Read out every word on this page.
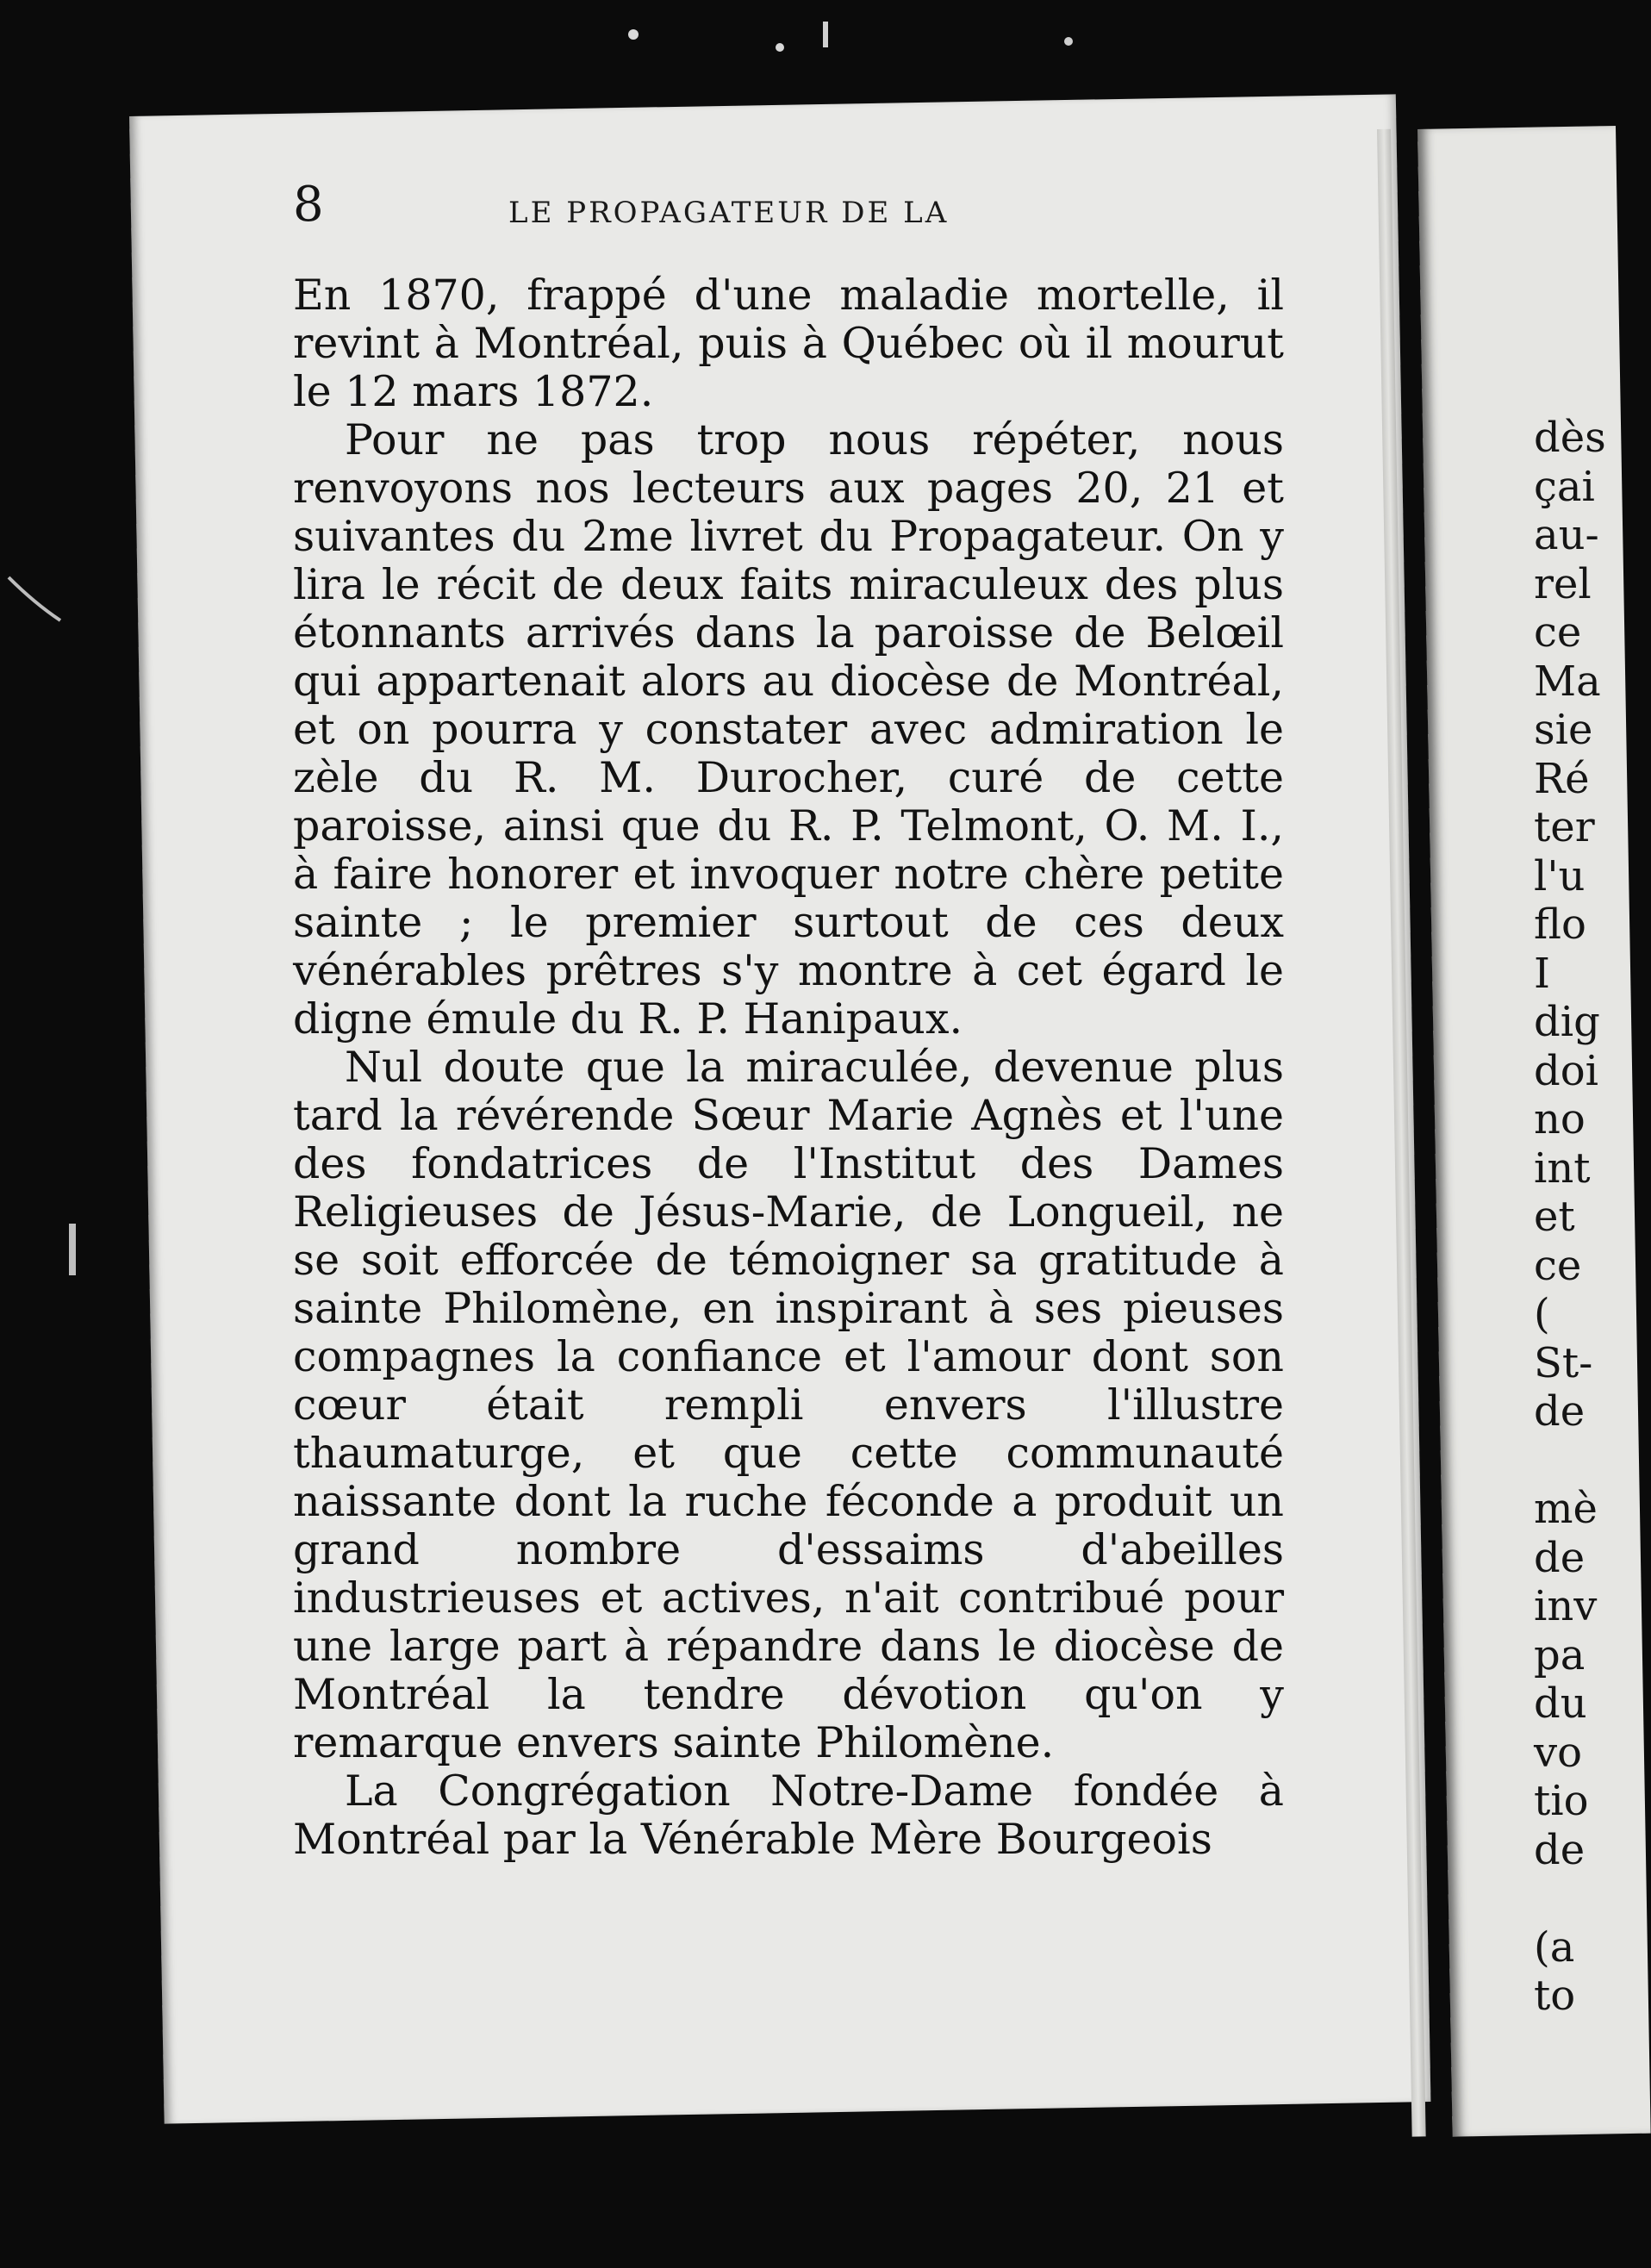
8	LE PROPAGATEUR DE LA

En 1870, frappé d'une maladie mortelle, il revint à Montréal, puis à Québec où il mourut le 12 mars 1872.

Pour ne pas trop nous répéter, nous renvoyons nos lecteurs aux pages 20, 21 et suivantes du 2me livret du Propagateur. On y lira le récit de deux faits miraculeux des plus étonnants arrivés dans la paroisse de Belœil qui appartenait alors au diocèse de Montréal, et on pourra y constater avec admiration le zèle du R. M. Durocher, curé de cette paroisse, ainsi que du R. P. Telmont, O. M. I., à faire honorer et invoquer notre chère petite sainte ; le premier surtout de ces deux vénérables prêtres s'y montre à cet égard le digne émule du R. P. Hanipaux.

Nul doute que la miraculée, devenue plus tard la révérende Sœur Marie Agnès et l'une des fondatrices de l'Institut des Dames Religieuses de Jésus-Marie, de Longueil, ne se soit efforcée de témoigner sa gratitude à sainte Philomène, en inspirant à ses pieuses compagnes la confiance et l'amour dont son cœur était rempli envers l'illustre thaumaturge, et que cette communauté naissante dont la ruche féconde a produit un grand nombre d'essaims d'abeilles industrieuses et actives, n'ait contribué pour une large part à répandre dans le diocèse de Montréal la tendre dévotion qu'on y remarque envers sainte Philomène.

La Congrégation Notre-Dame fondée à Montréal par la Vénérable Mère Bourgeois

dès
çai
au-
rel
ce
Ma
sie
Ré
ter
l'u
flo
I
dig
doi
no
int
et
ce
(
St-
de
mè
de
inv
pa
du
vo
tio
de
(a
to
